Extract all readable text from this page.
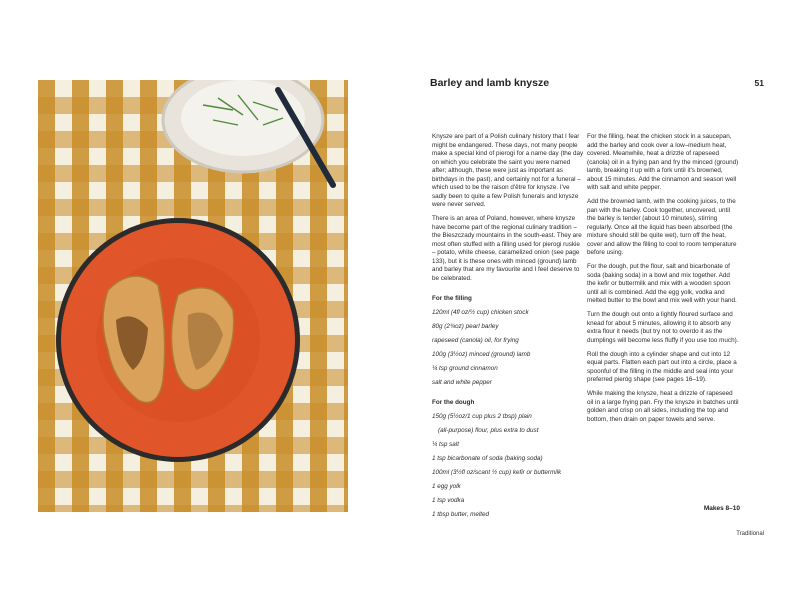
Barley and lamb knysze	51

Knysze are part of a Polish culinary history that I fear might be endangered. These days, not many people make a special kind of pierogi for a name day (the day on which you celebrate the saint you were named after; although, these were just as important as birthdays in the past), and certainly not for a funeral – which used to be the raison d'être for knysze. I've sadly been to quite a few Polish funerals and knysze were never served.

There is an area of Poland, however, where knysze have become part of the regional culinary tradition – the Bieszczady mountains in the south-east. They are most often stuffed with a filling used for pierogi ruskie – potato, white cheese, caramelized onion (see page 133), but it is these ones with minced (ground) lamb and barley that are my favourite and I feel deserve to be celebrated.

For the filling

120ml (4fl oz/½ cup) chicken stock

80g (2¾oz) pearl barley

rapeseed (canola) oil, for frying

100g (3½oz) minced (ground) lamb

¼ tsp ground cinnamon

salt and white pepper

For the dough

150g (5½oz/1 cup plus 2 tbsp) plain

(all-purpose) flour, plus extra to dust

¼ tsp salt

1 tsp bicarbonate of soda (baking soda)

100ml (3½fl oz/scant ½ cup) kefir or buttermilk

1 egg yolk

1 tsp vodka

1 tbsp butter, melted

For the filling, heat the chicken stock in a saucepan, add the barley and cook over a low–medium heat, covered. Meanwhile, heat a drizzle of rapeseed (canola) oil in a frying pan and fry the minced (ground) lamb, breaking it up with a fork until it's browned, about 15 minutes. Add the cinnamon and season well with salt and white pepper.

Add the browned lamb, with the cooking juices, to the pan with the barley. Cook together, uncovered, until the barley is tender (about 10 minutes), stirring regularly. Once all the liquid has been absorbed (the mixture should still be quite wet), turn off the heat, cover and allow the filling to cool to room temperature before using.

For the dough, put the flour, salt and bicarbonate of soda (baking soda) in a bowl and mix together. Add the kefir or buttermilk and mix with a wooden spoon until all is combined. Add the egg yolk, vodka and melted butter to the bowl and mix well with your hand.

Turn the dough out onto a lightly floured surface and knead for about 5 minutes, allowing it to absorb any extra flour it needs (but try not to overdo it as the dumplings will become less fluffy if you use too much).

Roll the dough into a cylinder shape and cut into 12 equal parts. Flatten each part out into a circle, place a spoonful of the filling in the middle and seal into your preferred pieróg shape (see pages 16–19).

While making the knysze, heat a drizzle of rapeseed oil in a large frying pan. Fry the knysze in batches until golden and crisp on all sides, including the top and bottom, then drain on paper towels and serve.

Makes 8–10
Traditional
